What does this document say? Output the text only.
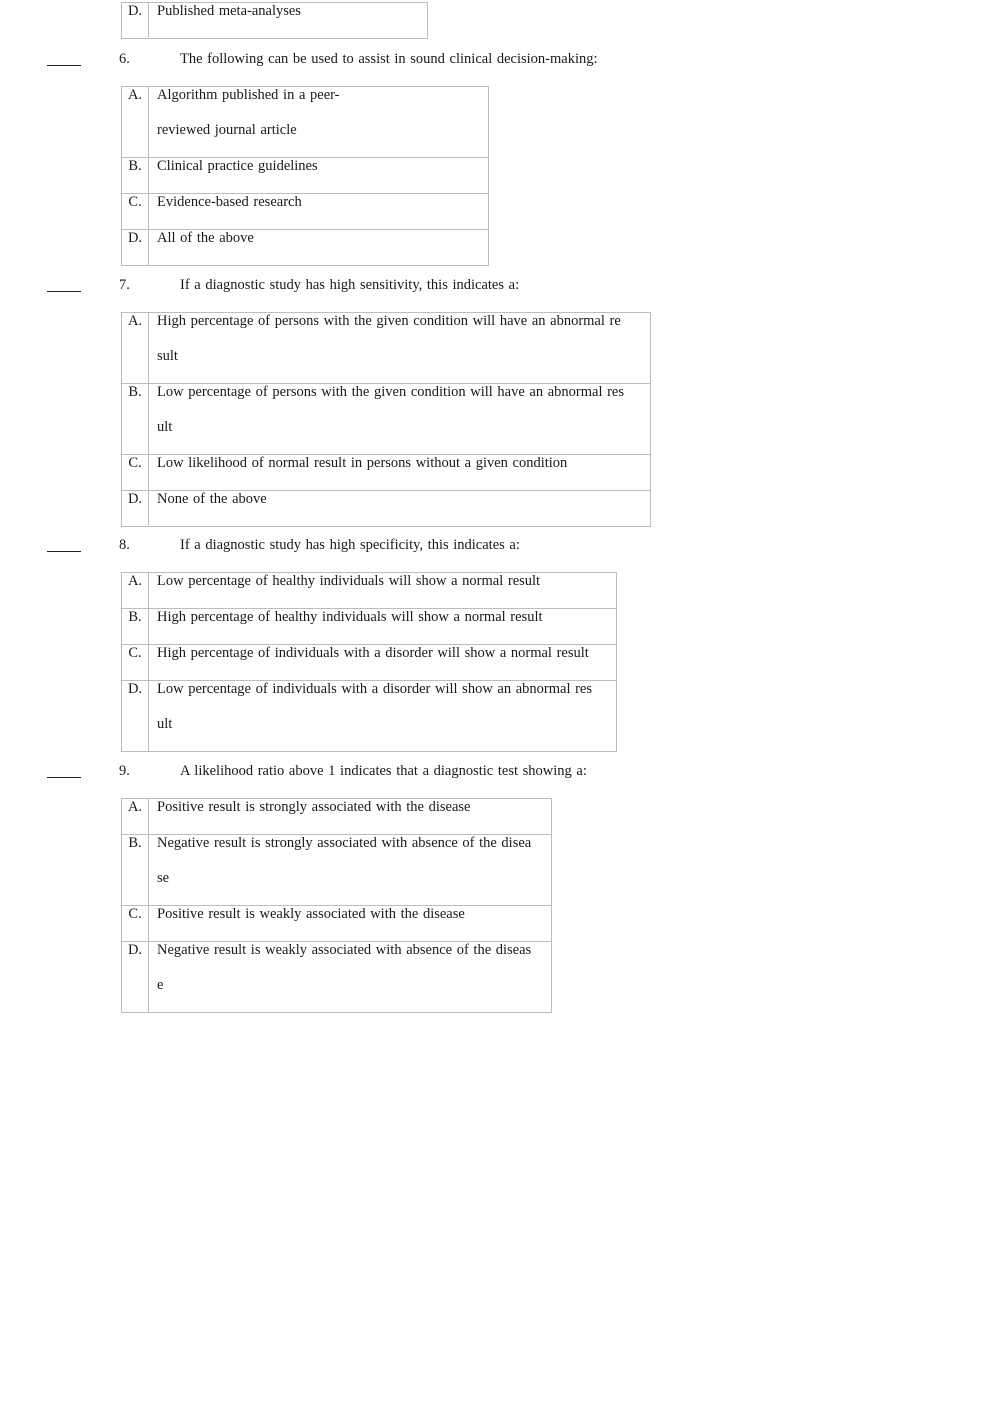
D.	Published meta-analyses
6.	The following can be used to assist in sound clinical decision-making:
A.	Algorithm published in a peer-
reviewed journal article

B.	Clinical practice guidelines

C.	Evidence-based research

D.	All of the above
7.	If a diagnostic study has high sensitivity, this indicates a:
A.	High percentage of persons with the given condition will have an abnormal re
sult

B.	Low percentage of persons with the given condition will have an abnormal res
ult

C.	Low likelihood of normal result in persons without a given condition

D.	None of the above
8.	If a diagnostic study has high specificity, this indicates a:
A.	Low percentage of healthy individuals will show a normal result

B.	High percentage of healthy individuals will show a normal result

C.	High percentage of individuals with a disorder will show a normal result

D.	Low percentage of individuals with a disorder will show an abnormal res
ult
9.	A likelihood ratio above 1 indicates that a diagnostic test showing a:
A.	Positive result is strongly associated with the disease

B.	Negative result is strongly associated with absence of the disea
se

C.	Positive result is weakly associated with the disease

D.	Negative result is weakly associated with absence of the diseas
e
